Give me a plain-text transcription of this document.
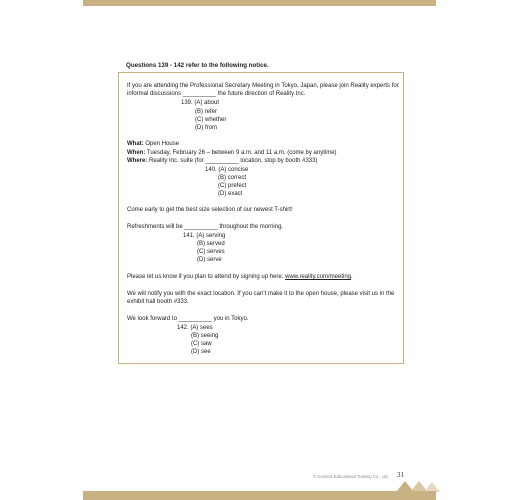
Questions 139 - 142 refer to the following notice.
If you are attending the Professional Secretary Meeting in Tokyo, Japan, please join Reality experts for
informal discussions __________ the future direction of Reality Inc.
139. (A) about
(B) refer
(C) whether
(D) from
What: Open House
When: Tuesday, February 26 – between 9 a.m. and 11 a.m. (come by anytime)
Where: Reality Inc. suite (for __________ location, stop by booth #333)
140. (A) concise
(B) correct
(C) prefect
(D) exact
Come early to get the best size selection of our newest T-shirt!
Refreshments will be __________ throughout the morning.
141. (A) serving
(B) served
(C) serves
(D) serve
Please let us know if you plan to attend by signing up here: www.reality.com/meeting.
We will notify you with the exact location. If you can’t make it to the open house, please visit us in the
exhibit hall booth #333.
We look forward to __________ you in Tokyo.
142. (A) sees
(B) seeing
(C) saw
(D) see
© Cosmos Educational Training Co., Ltd. 31
